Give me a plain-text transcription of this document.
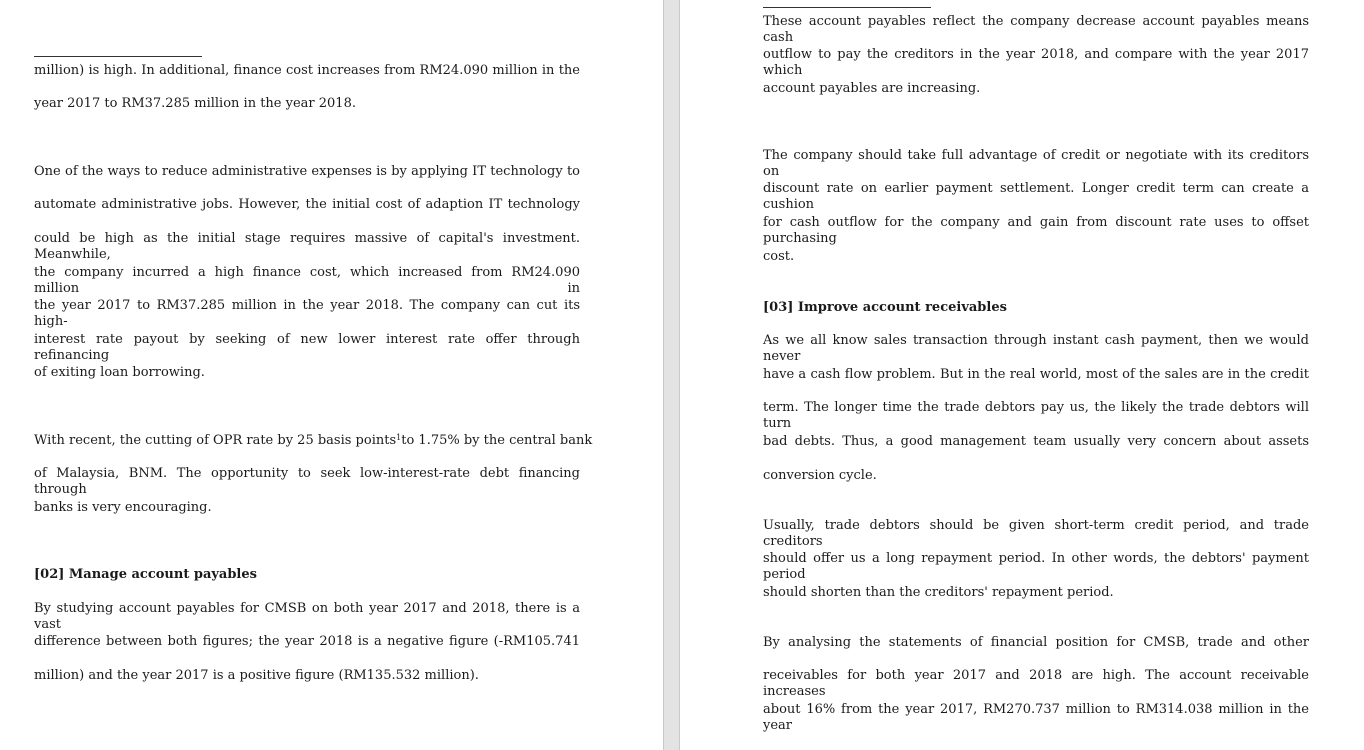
million) is high. In additional, finance cost increases from RM24.090 million in the
year 2017 to RM37.285 million in the year 2018.
One of the ways to reduce administrative expenses is by applying IT technology to
automate administrative jobs. However, the initial cost of adaption IT technology
could be high as the initial stage requires massive of capital's investment. Meanwhile,
the company incurred a high finance cost, which increased from RM24.090 million in
the year 2017 to RM37.285 million in the year 2018. The company can cut its high-
interest rate payout by seeking of new lower interest rate offer through refinancing
of exiting loan borrowing.
With recent, the cutting of OPR rate by 25 basis points$^1$ to 1.75% by the central bank
of Malaysia, BNM. The opportunity to seek low-interest-rate debt financing through
banks is very encouraging.
[02] Manage account payables
By studying account payables for CMSB on both year 2017 and 2018, there is a vast
difference between both figures; the year 2018 is a negative figure (-RM105.741
million) and the year 2017 is a positive figure (RM135.532 million).
These account payables reflect the company decrease account payables means cash
outflow to pay the creditors in the year 2018, and compare with the year 2017 which
account payables are increasing.
The company should take full advantage of credit or negotiate with its creditors on
discount rate on earlier payment settlement. Longer credit term can create a cushion
for cash outflow for the company and gain from discount rate uses to offset purchasing
cost.
[03] Improve account receivables
As we all know sales transaction through instant cash payment, then we would never
have a cash flow problem. But in the real world, most of the sales are in the credit
term. The longer time the trade debtors pay us, the likely the trade debtors will turn
bad debts. Thus, a good management team usually very concern about assets
conversion cycle.
Usually, trade debtors should be given short-term credit period, and trade creditors
should offer us a long repayment period. In other words, the debtors' payment period
should shorten than the creditors' repayment period.
By analysing the statements of financial position for CMSB, trade and other
receivables for both year 2017 and 2018 are high. The account receivable increases
about 16% from the year 2017, RM270.737 million to RM314.038 million in the year
